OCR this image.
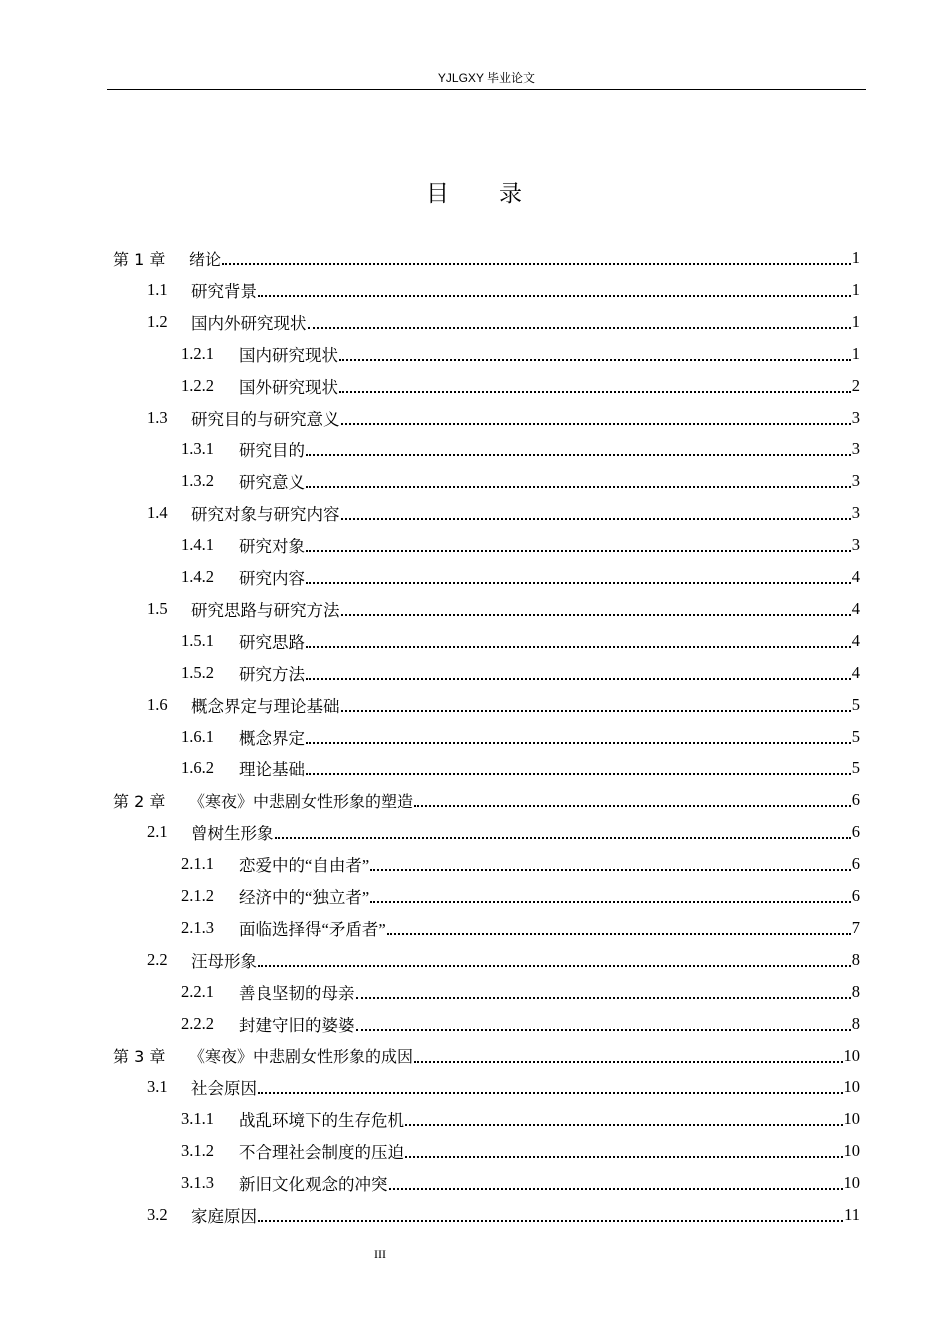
YJLGXY 毕业论文
目 录
第 1 章	绪论	1
1.1	研究背景	1
1.2	国内外研究现状	1
1.2.1	国内研究现状	1
1.2.2	国外研究现状	2
1.3	研究目的与研究意义	3
1.3.1	研究目的	3
1.3.2	研究意义	3
1.4	研究对象与研究内容	3
1.4.1	研究对象	3
1.4.2	研究内容	4
1.5	研究思路与研究方法	4
1.5.1	研究思路	4
1.5.2	研究方法	4
1.6	概念界定与理论基础	5
1.6.1	概念界定	5
1.6.2	理论基础	5
第 2 章	《寒夜》中悲剧女性形象的塑造	6
2.1	曾树生形象	6
2.1.1	恋爱中的“自由者”	6
2.1.2	经济中的“独立者”	6
2.1.3	面临选择得“矛盾者”	7
2.2	汪母形象	8
2.2.1	善良坚韧的母亲	8
2.2.2	封建守旧的婆婆	8
第 3 章	《寒夜》中悲剧女性形象的成因	10
3.1	社会原因	10
3.1.1	战乱环境下的生存危机	10
3.1.2	不合理社会制度的压迫	10
3.1.3	新旧文化观念的冲突	10
3.2	家庭原因	11
III
